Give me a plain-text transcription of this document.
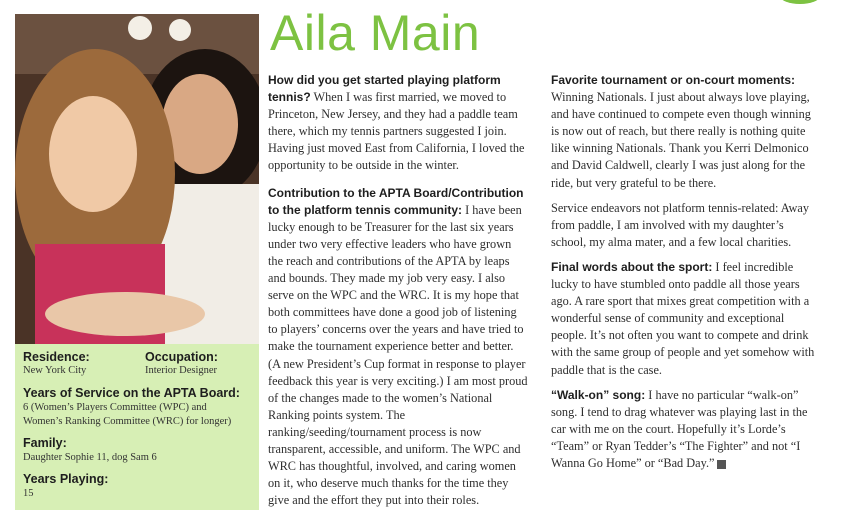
Residence:
New York City
Occupation:
Interior Designer
Years of Service on the APTA Board:
6 (Women’s Players Committee (WPC) and
Women’s Ranking Committee (WRC) for longer)
Family:
Daughter Sophie 11, dog Sam 6
Years Playing:
15
Aila Main

How did you get started playing platform tennis? When I was first married, we moved to Princeton, New Jersey, and they had a paddle team there, which my tennis partners suggested I join. Having just moved East from California, I loved the opportunity to be outside in the winter.

Contribution to the APTA Board/Contribution to the platform tennis community: I have been lucky enough to be Treasurer for the last six years under two very effective leaders who have grown the reach and contributions of the APTA by leaps and bounds. They made my job very easy. I also serve on the WPC and the WRC. It is my hope that both committees have done a good job of listening to players’ concerns over the years and have tried to make the tournament experience better and better. (A new President’s Cup format in response to player feedback this year is very exciting.) I am most proud of the changes made to the women’s National Ranking points system. The ranking/seeding/tournament process is now transparent, accessible, and uniform. The WPC and WRC has thoughtful, involved, and caring women on it, who deserve much thanks for the time they give and the effort they put into their roles.

Favorite tournament or on-court moments:

Winning Nationals. I just about always love playing, and have continued to compete even though winning is now out of reach, but there really is nothing quite like winning Nationals. Thank you Kerri Delmonico and David Caldwell, clearly I was just along for the ride, but very grateful to be there.

Service endeavors not platform tennis-related: Away from paddle, I am involved with my daughter’s school, my alma mater, and a few local charities.

Final words about the sport: I feel incredible lucky to have stumbled onto paddle all those years ago. A rare sport that mixes great competition with a wonderful sense of community and exceptional people. It’s not often you want to compete and drink with the same group of people and yet somehow with paddle that is the case.

“Walk-on” song: I have no particular “walk-on” song. I tend to drag whatever was playing last in the car with me on the court. Hopefully it’s Lorde’s “Team” or Ryan Tedder’s “The Fighter” and not “I Wanna Go Home” or “Bad Day.”
